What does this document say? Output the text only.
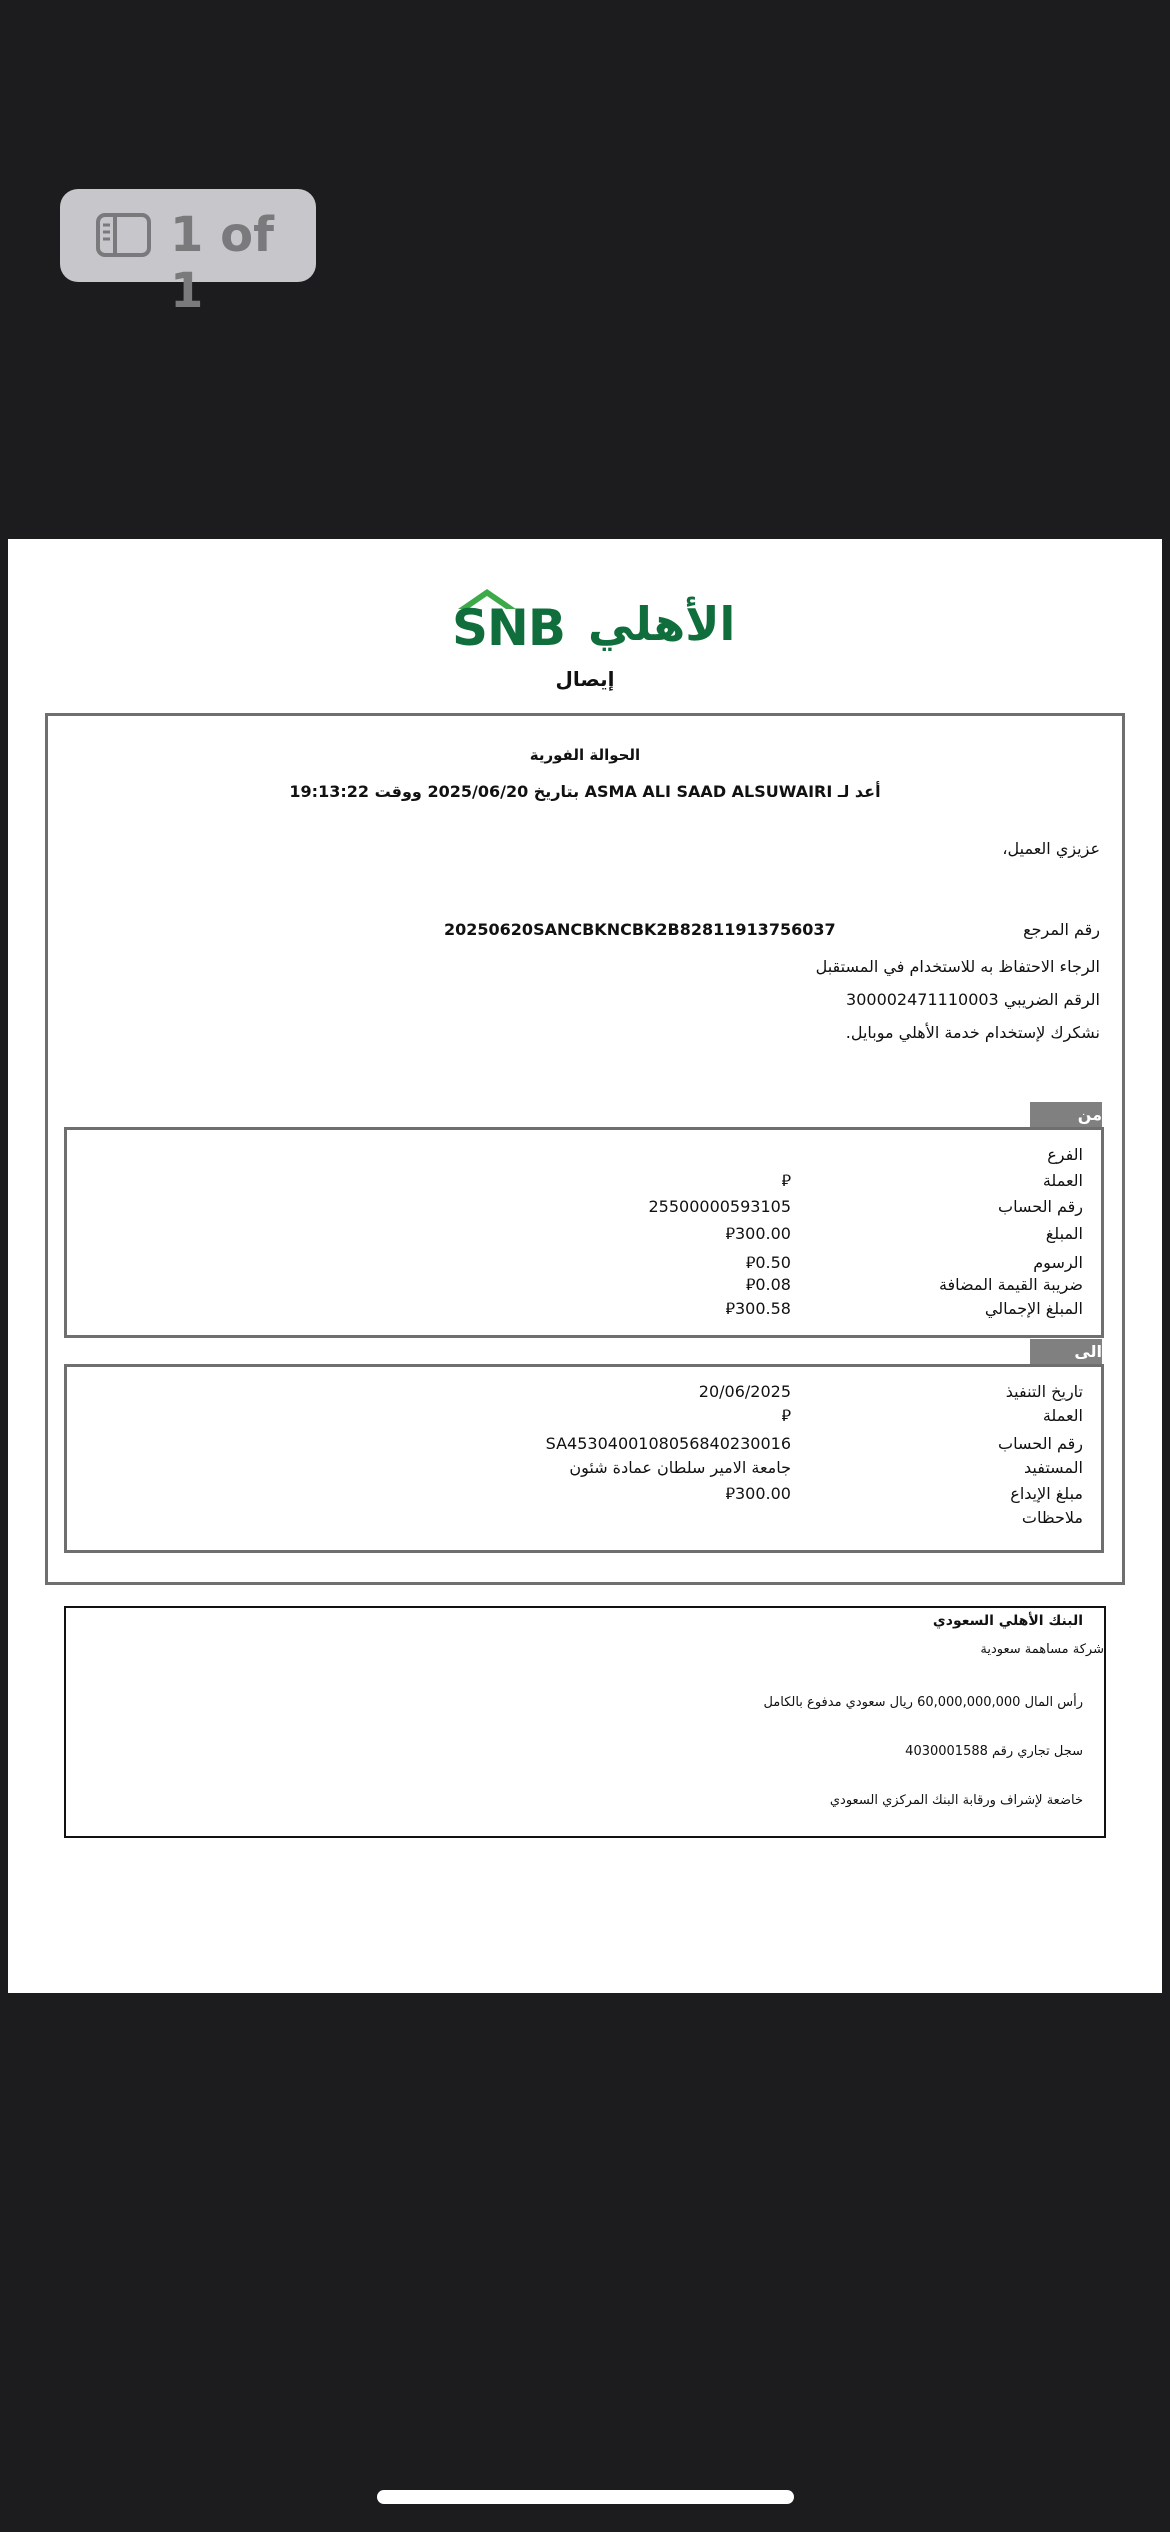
1 of 1
SNB الأهلي
إيصال
الحوالة الفورية
أعد لـ ASMA ALI SAAD ALSUWAIRI بتاريخ 2025/06/20 ووقت 19:13:22
عزيزي العميل،
رقم المرجع
20250620SANCBKNCBK2B82811913756037
الرجاء الاحتفاظ به للاستخدام في المستقبل
الرقم الضريبي 300002471110003
نشكرك لإستخدام خدمة الأهلي موبايل.
من
الفرع
العملة
⃁
رقم الحساب
25500000593105
المبلغ
⃁300.00
الرسوم
⃁0.50
ضريبة القيمة المضافة
⃁0.08
المبلغ الإجمالي
⃁300.58
الى
تاريخ التنفيذ
20/06/2025
العملة
⃁
رقم الحساب
SA4530400108056840230016
المستفيد
جامعة الامير سلطان عمادة شئون
مبلغ الإيداع
⃁300.00
ملاحظات
البنك الأهلي السعودي
شركة مساهمة سعودية
رأس المال 60,000,000,000 ريال سعودي مدفوع بالكامل
سجل تجاري رقم 4030001588
خاضعة لإشراف ورقابة البنك المركزي السعودي
